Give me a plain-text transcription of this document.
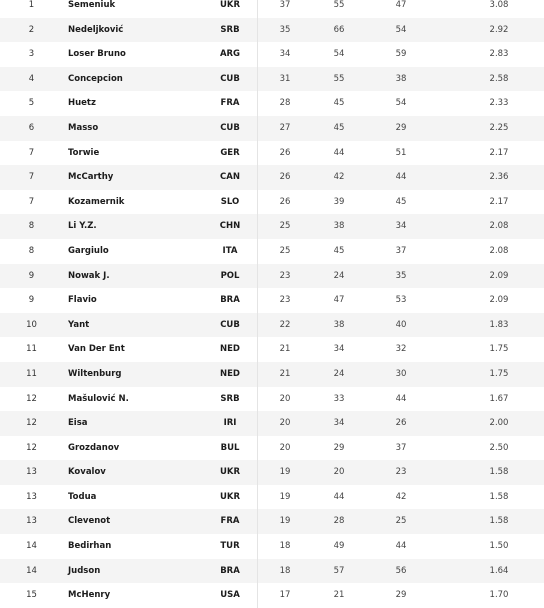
1	Semeniuk	UKR	37	55	47	3.08
2	Nedeljković	SRB	35	66	54	2.92
3	Loser Bruno	ARG	34	54	59	2.83
4	Concepcion	CUB	31	55	38	2.58
5	Huetz	FRA	28	45	54	2.33
6	Masso	CUB	27	45	29	2.25
7	Torwie	GER	26	44	51	2.17
7	McCarthy	CAN	26	42	44	2.36
7	Kozamernik	SLO	26	39	45	2.17
8	Li Y.Z.	CHN	25	38	34	2.08
8	Gargiulo	ITA	25	45	37	2.08
9	Nowak J.	POL	23	24	35	2.09
9	Flavio	BRA	23	47	53	2.09
10	Yant	CUB	22	38	40	1.83
11	Van Der Ent	NED	21	34	32	1.75
11	Wiltenburg	NED	21	24	30	1.75
12	Mašulović N.	SRB	20	33	44	1.67
12	Eisa	IRI	20	34	26	2.00
12	Grozdanov	BUL	20	29	37	2.50
13	Kovalov	UKR	19	20	23	1.58
13	Todua	UKR	19	44	42	1.58
13	Clevenot	FRA	19	28	25	1.58
14	Bedirhan	TUR	18	49	44	1.50
14	Judson	BRA	18	57	56	1.64
15	McHenry	USA	17	21	29	1.70
